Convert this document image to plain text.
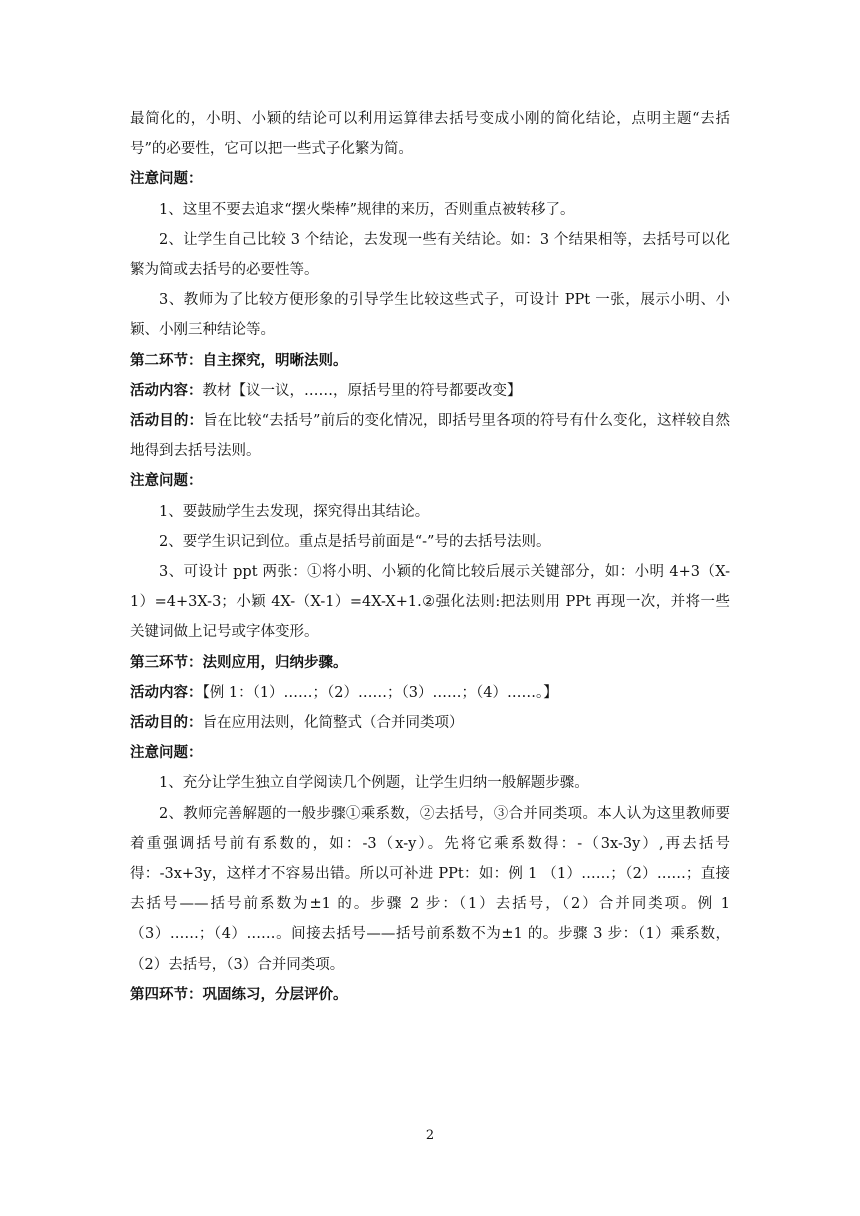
最简化的，小明、小颖的结论可以利用运算律去括号变成小刚的简化结论，点明主题“去括号”的必要性，它可以把一些式子化繁为简。

注意问题：

1、这里不要去追求“摆火柴棒”规律的来历，否则重点被转移了。

2、让学生自己比较 3 个结论，去发现一些有关结论。如：3 个结果相等，去括号可以化繁为简或去括号的必要性等。

3、教师为了比较方便形象的引导学生比较这些式子，可设计 PPt 一张，展示小明、小颖、小刚三种结论等。

第二环节：自主探究，明晰法则。

活动内容：教材【议一议，……，原括号里的符号都要改变】

活动目的：旨在比较“去括号”前后的变化情况，即括号里各项的符号有什么变化，这样较自然地得到去括号法则。

注意问题：

1、要鼓励学生去发现，探究得出其结论。

2、要学生识记到位。重点是括号前面是“-”号的去括号法则。

3、可设计 ppt 两张：①将小明、小颖的化简比较后展示关键部分，如：小明 4+3（X-1）=4+3X-3；小颖 4X-（X-1）=4X-X+1.②强化法则:把法则用 PPt 再现一次，并将一些关键词做上记号或字体变形。

第三环节：法则应用，归纳步骤。

活动内容：【例 1：（1）……；（2）……；（3）……；（4）……。】

活动目的：旨在应用法则，化简整式（合并同类项）

注意问题：

1、充分让学生独立自学阅读几个例题，让学生归纳一般解题步骤。

2、教师完善解题的一般步骤①乘系数，②去括号，③合并同类项。本人认为这里教师要着重强调括号前有系数的，如：-3（x-y）。先将它乘系数得：-（3x-3y）,再去括号得：-3x+3y，这样才不容易出错。所以可补进 PPt：如：例 1 （1）……；（2）……；直接去括号——括号前系数为±1 的。步骤 2 步：（1）去括号，（2）合并同类项。例 1（3）……；（4）……。间接去括号——括号前系数不为±1 的。步骤 3 步：（1）乘系数，（2）去括号，（3）合并同类项。

第四环节：巩固练习，分层评价。

2
